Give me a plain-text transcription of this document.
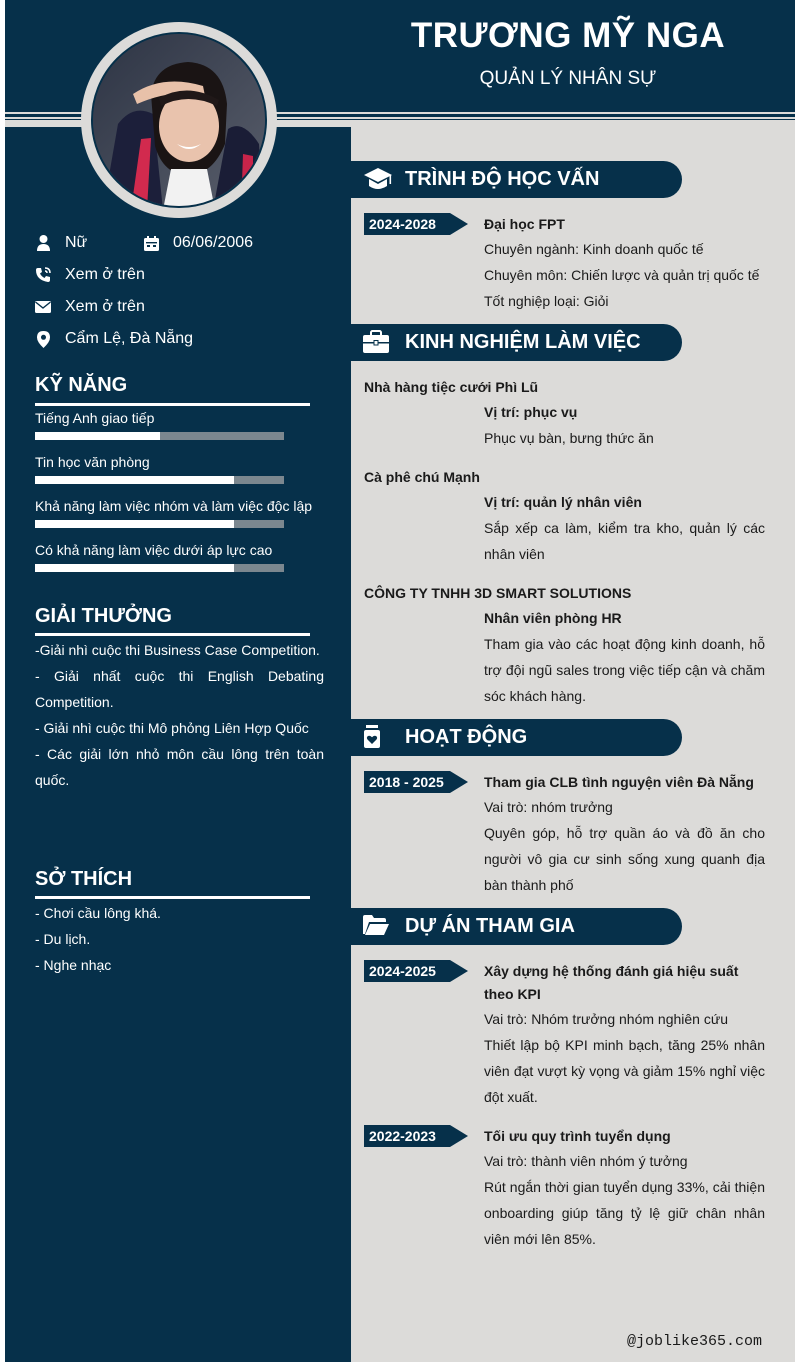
TRƯƠNG MỸ NGA
QUẢN LÝ NHÂN SỰ
Nữ	06/06/2006
Xem ở trên
Xem ở trên
Cẩm Lệ, Đà Nẵng
KỸ NĂNG
Tiếng Anh giao tiếp
Tin học văn phòng
Khả năng làm việc nhóm và làm việc độc lập
Có khả năng làm việc dưới áp lực cao
GIẢI THƯỞNG
-Giải nhì cuộc thi Business Case Competition.
- Giải nhất cuộc thi English Debating Competition.
- Giải nhì cuộc thi Mô phỏng Liên Hợp Quốc
- Các giải lớn nhỏ môn cầu lông trên toàn quốc.
SỞ THÍCH
- Chơi cầu lông khá.
- Du lịch.
- Nghe nhạc
TRÌNH ĐỘ HỌC VẤN
2024-2028	Đại học FPT
Chuyên ngành: Kinh doanh quốc tế
Chuyên môn: Chiến lược và quản trị quốc tế
Tốt nghiệp loại: Giỏi
KINH NGHIỆM LÀM VIỆC
Nhà hàng tiệc cưới Phì Lũ
Vị trí: phục vụ
Phục vụ bàn, bưng thức ăn
Cà phê chú Mạnh
Vị trí: quản lý nhân viên
Sắp xếp ca làm, kiểm tra kho, quản lý các nhân viên
CÔNG TY TNHH 3D SMART SOLUTIONS
Nhân viên phòng HR
Tham gia vào các hoạt động kinh doanh, hỗ trợ đội ngũ sales trong việc tiếp cận và chăm sóc khách hàng.
HOẠT ĐỘNG
2018 - 2025	Tham gia CLB tình nguyện viên Đà Nẵng
Vai trò: nhóm trưởng
Quyên góp, hỗ trợ quần áo và đồ ăn cho người vô gia cư sinh sống xung quanh địa bàn thành phố
DỰ ÁN THAM GIA
2024-2025	Xây dựng hệ thống đánh giá hiệu suất theo KPI
Vai trò: Nhóm trưởng nhóm nghiên cứu
Thiết lập bộ KPI minh bạch, tăng 25% nhân viên đạt vượt kỳ vọng và giảm 15% nghỉ việc đột xuất.
2022-2023	Tối ưu quy trình tuyển dụng
Vai trò: thành viên nhóm ý tưởng
Rút ngắn thời gian tuyển dụng 33%, cải thiện onboarding giúp tăng tỷ lệ giữ chân nhân viên mới lên 85%.
@joblike365.com
